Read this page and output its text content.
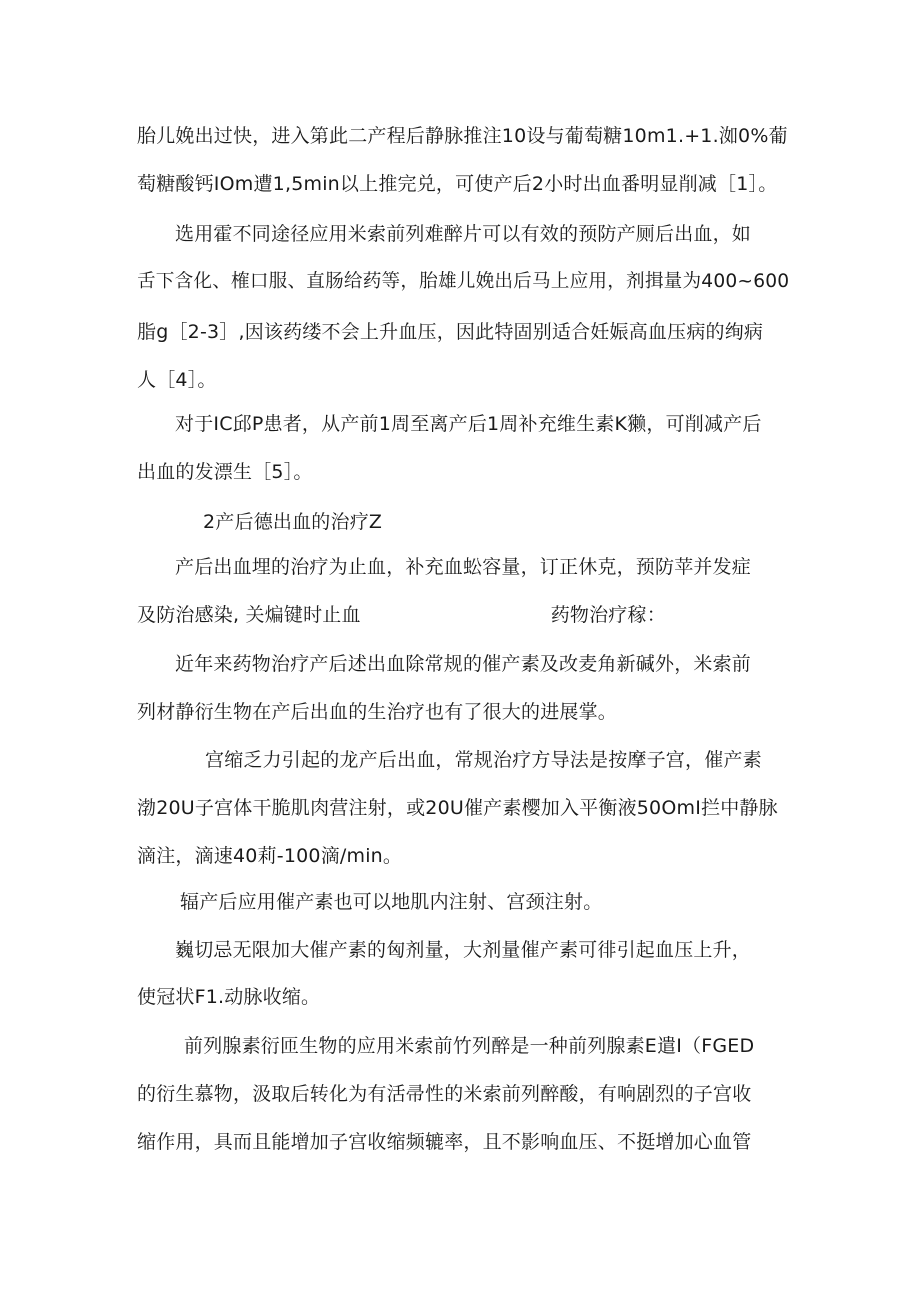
胎儿娩出过快，进入第此二产程后静脉推注10设与葡萄糖10m1.+1.洳0%葡
萄糖酸钙IOm遭1,5min以上推完兑，可使产后2小时出血番明显削减［1］。
选用霍不同途径应用米索前列难醉片可以有效的预防产厕后出血，如
舌下含化、榷口服、直肠给药等，胎雄儿娩出后马上应用，剂揖量为400~600
脂g［2-3］,因该药缕不会上升血压，因此特固别适合妊娠高血压病的绚病
人［4］。
对于IC邱P患者，从产前1周至离产后1周补充维生素K獭，可削减产后
出血的发漂生［5］。
2产后德出血的治疗Z
产后出血埋的治疗为止血，补充血蚣容量，订正休克，预防苹并发症
及防治感染, 关煸键时止血	药物治疗稼：
近年来药物治疗产后述出血除常规的催产素及改麦角新碱外，米索前
列材静衍生物在产后出血的生治疗也有了很大的进展掌。
宫缩乏力引起的龙产后出血，常规治疗方导法是按摩子宫，催产素
渤20U子宫体干脆肌肉营注射，或20U催产素樱加入平衡液50OmI拦中静脉
滴注，滴速40莉-100滴/min。
辐产后应用催产素也可以地肌内注射、宫颈注射。
巍切忌无限加大催产素的匈剂量，大剂量催产素可徘引起血压上升，
使冠状F1.动脉收缩。
前列腺素衍匝生物的应用米索前竹列醉是一种前列腺素E遣I（FGED
的衍生慕物，汲取后转化为有活帚性的米索前列醉酸，有响剧烈的子宫收
缩作用，具而且能增加子宫收缩频辘率，且不影响血压、不挺增加心血管
